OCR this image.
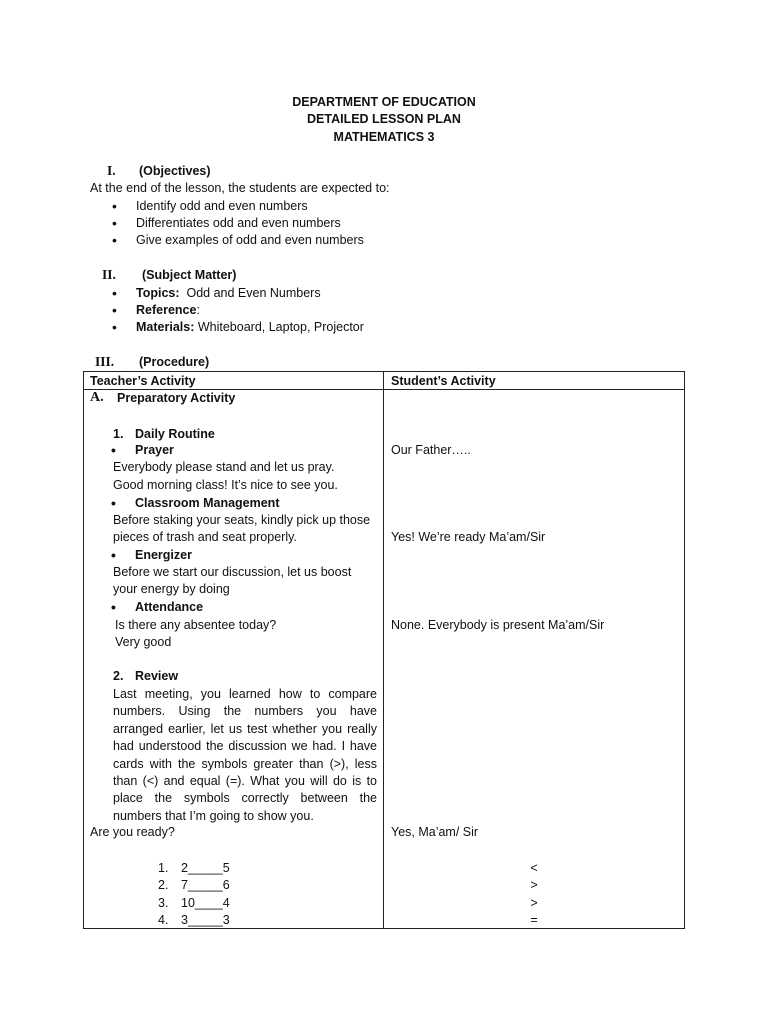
DEPARTMENT OF EDUCATION
DETAILED LESSON PLAN
MATHEMATICS 3
I. (Objectives)
At the end of the lesson, the students are expected to:
• Identify odd and even numbers
• Differentiates odd and even numbers
• Give examples of odd and even numbers
II. (Subject Matter)
• Topics: Odd and Even Numbers
• Reference:
• Materials: Whiteboard, Laptop, Projector
III. (Procedure)
Teacher’s Activity	Student’s Activity
A. Preparatory Activity
1. Daily Routine
• Prayer
Everybody please stand and let us pray.
Good morning class! It’s nice to see you.
• Classroom Management
Before staking your seats, kindly pick up those
pieces of trash and seat properly.
• Energizer
Before we start our discussion, let us boost
your energy by doing
• Attendance
Is there any absentee today?
Very good
2. Review
Last meeting, you learned how to compare numbers. Using the numbers you have arranged earlier, let us test whether you really had understood the discussion we had. I have cards with the symbols greater than (>), less than (<) and equal (=). What you will do is to place the symbols correctly between the numbers that I’m going to show you.
Are you ready?
1. 2_____5
2. 7_____6
3. 10____4
4. 3_____3
Our Father…..
Yes! We’re ready Ma’am/Sir
None. Everybody is present Ma’am/Sir
Yes, Ma’am/ Sir
<
>
>
=
